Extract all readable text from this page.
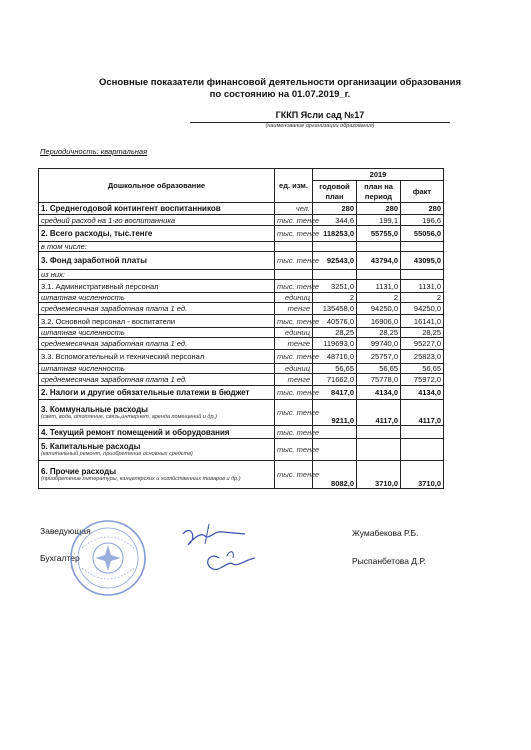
Основные показатели финансовой деятельности организации образования
по состоянию на 01.07.2019_г.
ГККП Ясли сад №17
(наименование организации образования)
Периодичность: квартальная
Дошкольное образование	ед. изм.	2019		
		годовой план	план на период	факт
1. Среднегодовой контингент воспитанников	чел.	280	280	280
средний расход на 1-го воспитанника	тыс. тенге	344,6	199,1	196,6
2. Всего расходы, тыс.тенге	тыс. тенге	118253,0	55755,0	55056,0
в том числе:				
3. Фонд заработной платы	тыс. тенге	92543,0	43794,0	43095,0
из них:				
3.1. Административный персонал	тыс. тенге	3251,0	1131,0	1131,0
штатная численность	единиц	2	2	2
среднемесячная заработная плата 1 ед.	тенге	135458,0	94250,0	94250,0
3.2. Основной персонал - воспитатели	тыс. тенге	40576,0	16906,0	16141,0
штатная численность	единиц	28,25	28,25	28,25
среднемесячная заработная плата 1 ед.	тенге	119693,0	99740,0	95227,0
3.3. Вспомогательный и технический персонал	тыс. тенге	48716,0	25757,0	25823,0
штатная численность	единиц	56,65	56,65	56,65
среднемесячная заработная плата 1 ед.	тенге	71662,0	75778,0	75972,0
2. Налоги и другие обязательные платежи в бюджет	тыс. тенге	8417,0	4134,0	4134,0
3. Коммунальные расходы
(свет, вода, отопление, связь,интернет, аренда помещений и др.)	тыс. тенге	9211,0	4117,0	4117,0
4. Текущий ремонт помещений и оборудования	тыс. тенге			
5. Капитальные расходы
(капитальный ремонт, приобретение основных средств)	тыс. тенге			
6. Прочие расходы
(приобретение литературы, канцелярских и хозяйственных товаров и др.)	тыс. тенге	8082,0	3710,0	3710,0
Заведующая	Жумабекова Р.Б.
Бухгалтер	Рыспанбетова Д.Р.
